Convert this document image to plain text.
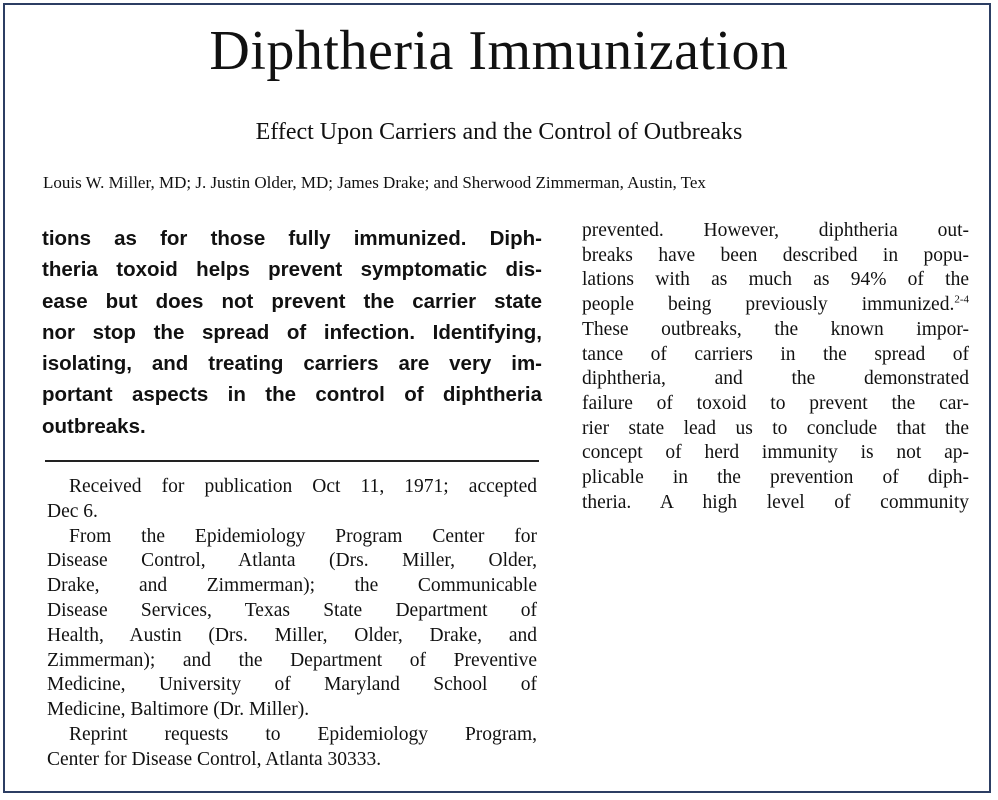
Diphtheria Immunization
Effect Upon Carriers and the Control of Outbreaks
Louis W. Miller, MD; J. Justin Older, MD; James Drake; and Sherwood Zimmerman, Austin, Tex
tions as for those fully immunized. Diph-
theria toxoid helps prevent symptomatic dis-
ease but does not prevent the carrier state
nor stop the spread of infection. Identifying,
isolating, and treating carriers are very im-
portant aspects in the control of diphtheria
outbreaks.
Received for publication Oct 11, 1971; accepted
Dec 6.
From the Epidemiology Program Center for
Disease Control, Atlanta (Drs. Miller, Older,
Drake, and Zimmerman); the Communicable
Disease Services, Texas State Department of
Health, Austin (Drs. Miller, Older, Drake, and
Zimmerman); and the Department of Preventive
Medicine, University of Maryland School of
Medicine, Baltimore (Dr. Miller).
Reprint requests to Epidemiology Program,
Center for Disease Control, Atlanta 30333.
prevented. However, diphtheria out-
breaks have been described in popu-
lations with as much as 94% of the
people being previously immunized.$^{2-4}$
These outbreaks, the known impor-
tance of carriers in the spread of
diphtheria, and the demonstrated
failure of toxoid to prevent the car-
rier state lead us to conclude that the
concept of herd immunity is not ap-
plicable in the prevention of diph-
theria. A high level of community
